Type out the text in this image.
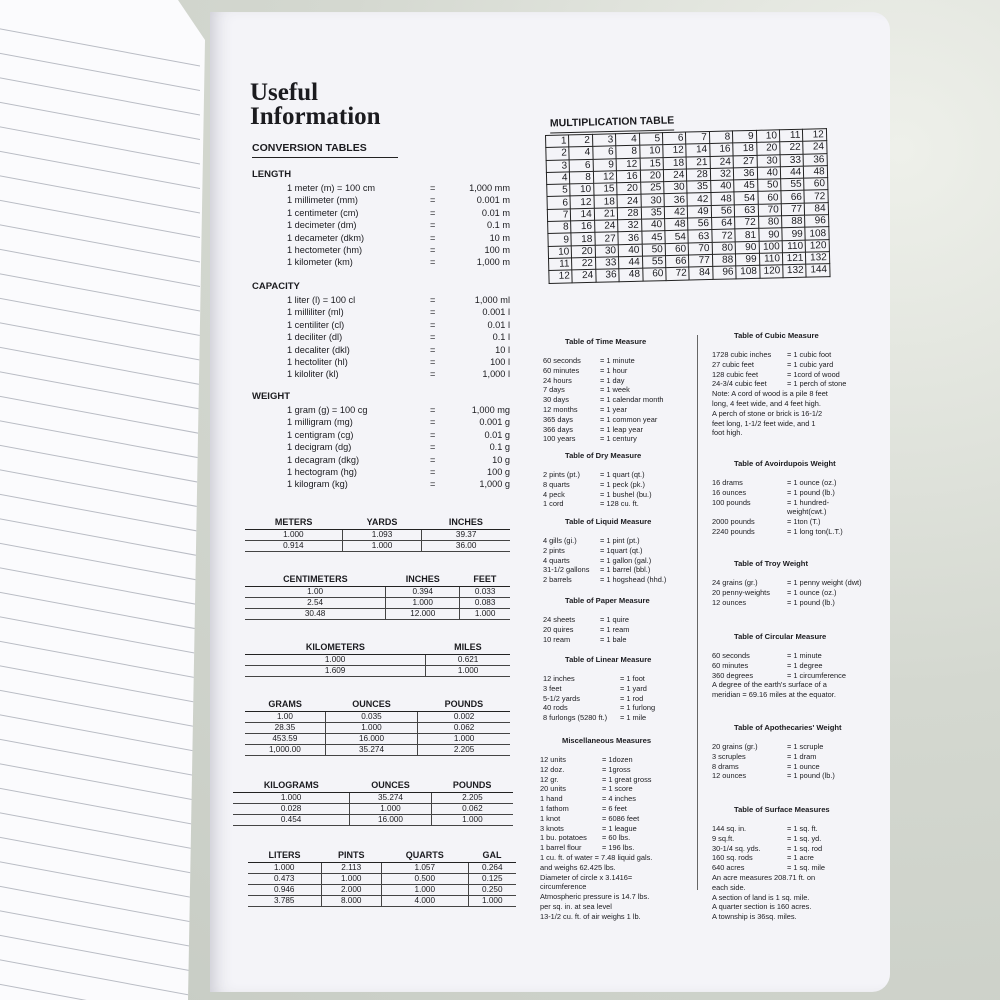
Useful
Information
CONVERSION TABLES
LENGTH
1 meter (m) = 100 cm	=	1,000 mm
1 millimeter (mm)	=	0.001 m
1 centimeter (cm)	=	0.01 m
1 decimeter (dm)	=	0.1 m
1 decameter (dkm)	=	10 m
1 hectometer (hm)	=	100 m
1 kilometer (km)	=	1,000 m
CAPACITY
1 liter (l) = 100 cl	=	1,000 ml
1 milliliter (ml)	=	0.001 l
1 centiliter (cl)	=	0.01 l
1 deciliter (dl)	=	0.1 l
1 decaliter (dkl)	=	10 l
1 hectoliter (hl)	=	100 l
1 kiloliter (kl)	=	1,000 l
WEIGHT
1 gram (g) = 100 cg	=	1,000 mg
1 milligram (mg)	=	0.001 g
1 centigram (cg)	=	0.01 g
1 decigram (dg)	=	0.1 g
1 decagram (dkg)	=	10 g
1 hectogram (hg)	=	100 g
1 kilogram (kg)	=	1,000 g
METERS	YARDS	INCHES
1.000	1.093	39.37
0.914	1.000	36.00
CENTIMETERS	INCHES	FEET
1.00	0.394	0.033
2.54	1.000	0.083
30.48	12.000	1.000
KILOMETERS	MILES
1.000	0.621
1.609	1.000
GRAMS	OUNCES	POUNDS
1.00	0.035	0.002
28.35	1.000	0.062
453.59	16.000	1.000
1,000.00	35.274	2.205
KILOGRAMS	OUNCES	POUNDS
1.000	35.274	2.205
0.028	1.000	0.062
0.454	16.000	1.000
LITERS	PINTS	QUARTS	GAL
1.000	2.113	1.057	0.264
0.473	1.000	0.500	0.125
0.946	2.000	1.000	0.250
3.785	8.000	4.000	1.000
MULTIPLICATION TABLE
1	2	3	4	5	6	7	8	9	10	11	12
2	4	6	8	10	12	14	16	18	20	22	24
3	6	9	12	15	18	21	24	27	30	33	36
4	8	12	16	20	24	28	32	36	40	44	48
5	10	15	20	25	30	35	40	45	50	55	60
6	12	18	24	30	36	42	48	54	60	66	72
7	14	21	28	35	42	49	56	63	70	77	84
8	16	24	32	40	48	56	64	72	80	88	96
9	18	27	36	45	54	63	72	81	90	99	108
10	20	30	40	50	60	70	80	90	100	110	120
11	22	33	44	55	66	77	88	99	110	121	132
12	24	36	48	60	72	84	96	108	120	132	144
Table of Time Measure
60 seconds	= 1 minute
60 minutes	= 1 hour
24 hours	= 1 day
7 days	= 1 week
30 days	= 1 calendar month
12 months	= 1 year
365 days	= 1 common year
366 days	= 1 leap year
100 years	= 1 century
Table of Dry Measure
2 pints (pt.)	= 1 quart (qt.)
8 quarts	= 1 peck (pk.)
4 peck	= 1 bushel (bu.)
1 cord	= 128 cu. ft.
Table of Liquid Measure
4 gills (gi.)	= 1 pint (pt.)
2 pints	= 1quart (qt.)
4 quarts	= 1 gallon (gal.)
31-1/2 gallons = 1 barrel (bbl.)
2 barrels	= 1 hogshead (hhd.)
Table of Paper Measure
24 sheets	= 1 quire
20 quires	= 1 ream
10 ream	= 1 bale
Table of Linear Measure
12 inches	= 1 foot
3 feet	= 1 yard
5-1/2 yards	= 1 rod
40 rods	= 1 furlong
8 furlongs (5280 ft.) = 1 mile
Miscellaneous Measures
12 units	= 1dozen
12 doz.	= 1gross
12 gr.	= 1 great gross
20 units	= 1 score
1 hand	= 4 inches
1 fathom	= 6 feet
1 knot	= 6086 feet
3 knots	= 1 league
1 bu. potatoes = 60 lbs.
1 barrel flour	= 196 lbs.
1 cu. ft. of water = 7.48 liquid gals.
and weighs 62.425 lbs.
Diameter of circle x 3.1416=
circumference
Atmospheric pressure is 14.7 lbs.
per sq. in. at sea level
13-1/2 cu. ft. of air weighs 1 lb.
Table of Cubic Measure
1728 cubic inches = 1 cubic foot
27 cubic feet	= 1 cubic yard
128 cubic feet	= 1cord of wood
24-3/4 cubic feet	= 1 perch of stone
Note: A cord of wood is a pile 8 feet
long, 4 feet wide, and 4 feet high.
A perch of stone or brick is 16-1/2
feet long, 1-1/2 feet wide, and 1
foot high.
Table of Avoirdupois Weight
16 drams	= 1 ounce (oz.)
16 ounces	= 1 pound (lb.)
100 pounds	= 1 hundred-
weight(cwt.)
2000 pounds	= 1ton (T.)
2240 pounds	= 1 long ton(L.T.)
Table of Troy Weight
24 grains (gr.)	= 1 penny weight (dwt)
20 penny-weights = 1 ounce (oz.)
12 ounces	= 1 pound (lb.)
Table of Circular Measure
60 seconds	= 1 minute
60 minutes	= 1 degree
360 degrees	= 1 circumference
A degree of the earth's surface of a
meridian = 69.16 miles at the equator.
Table of Apothecaries' Weight
20 grains (gr.)	= 1 scruple
3 scruples	= 1 dram
8 drams	= 1 ounce
12 ounces	= 1 pound (lb.)
Table of Surface Measures
144 sq. in.	= 1 sq. ft.
9 sq.ft.	= 1 sq. yd.
30-1/4 sq. yds.	= 1 sq. rod
160 sq. rods	= 1 acre
640 acres	= 1 sq. mile
An acre measures 208.71 ft. on
each side.
A section of land is 1 sq. mile.
A quarter section is 160 acres.
A township is 36sq. miles.
